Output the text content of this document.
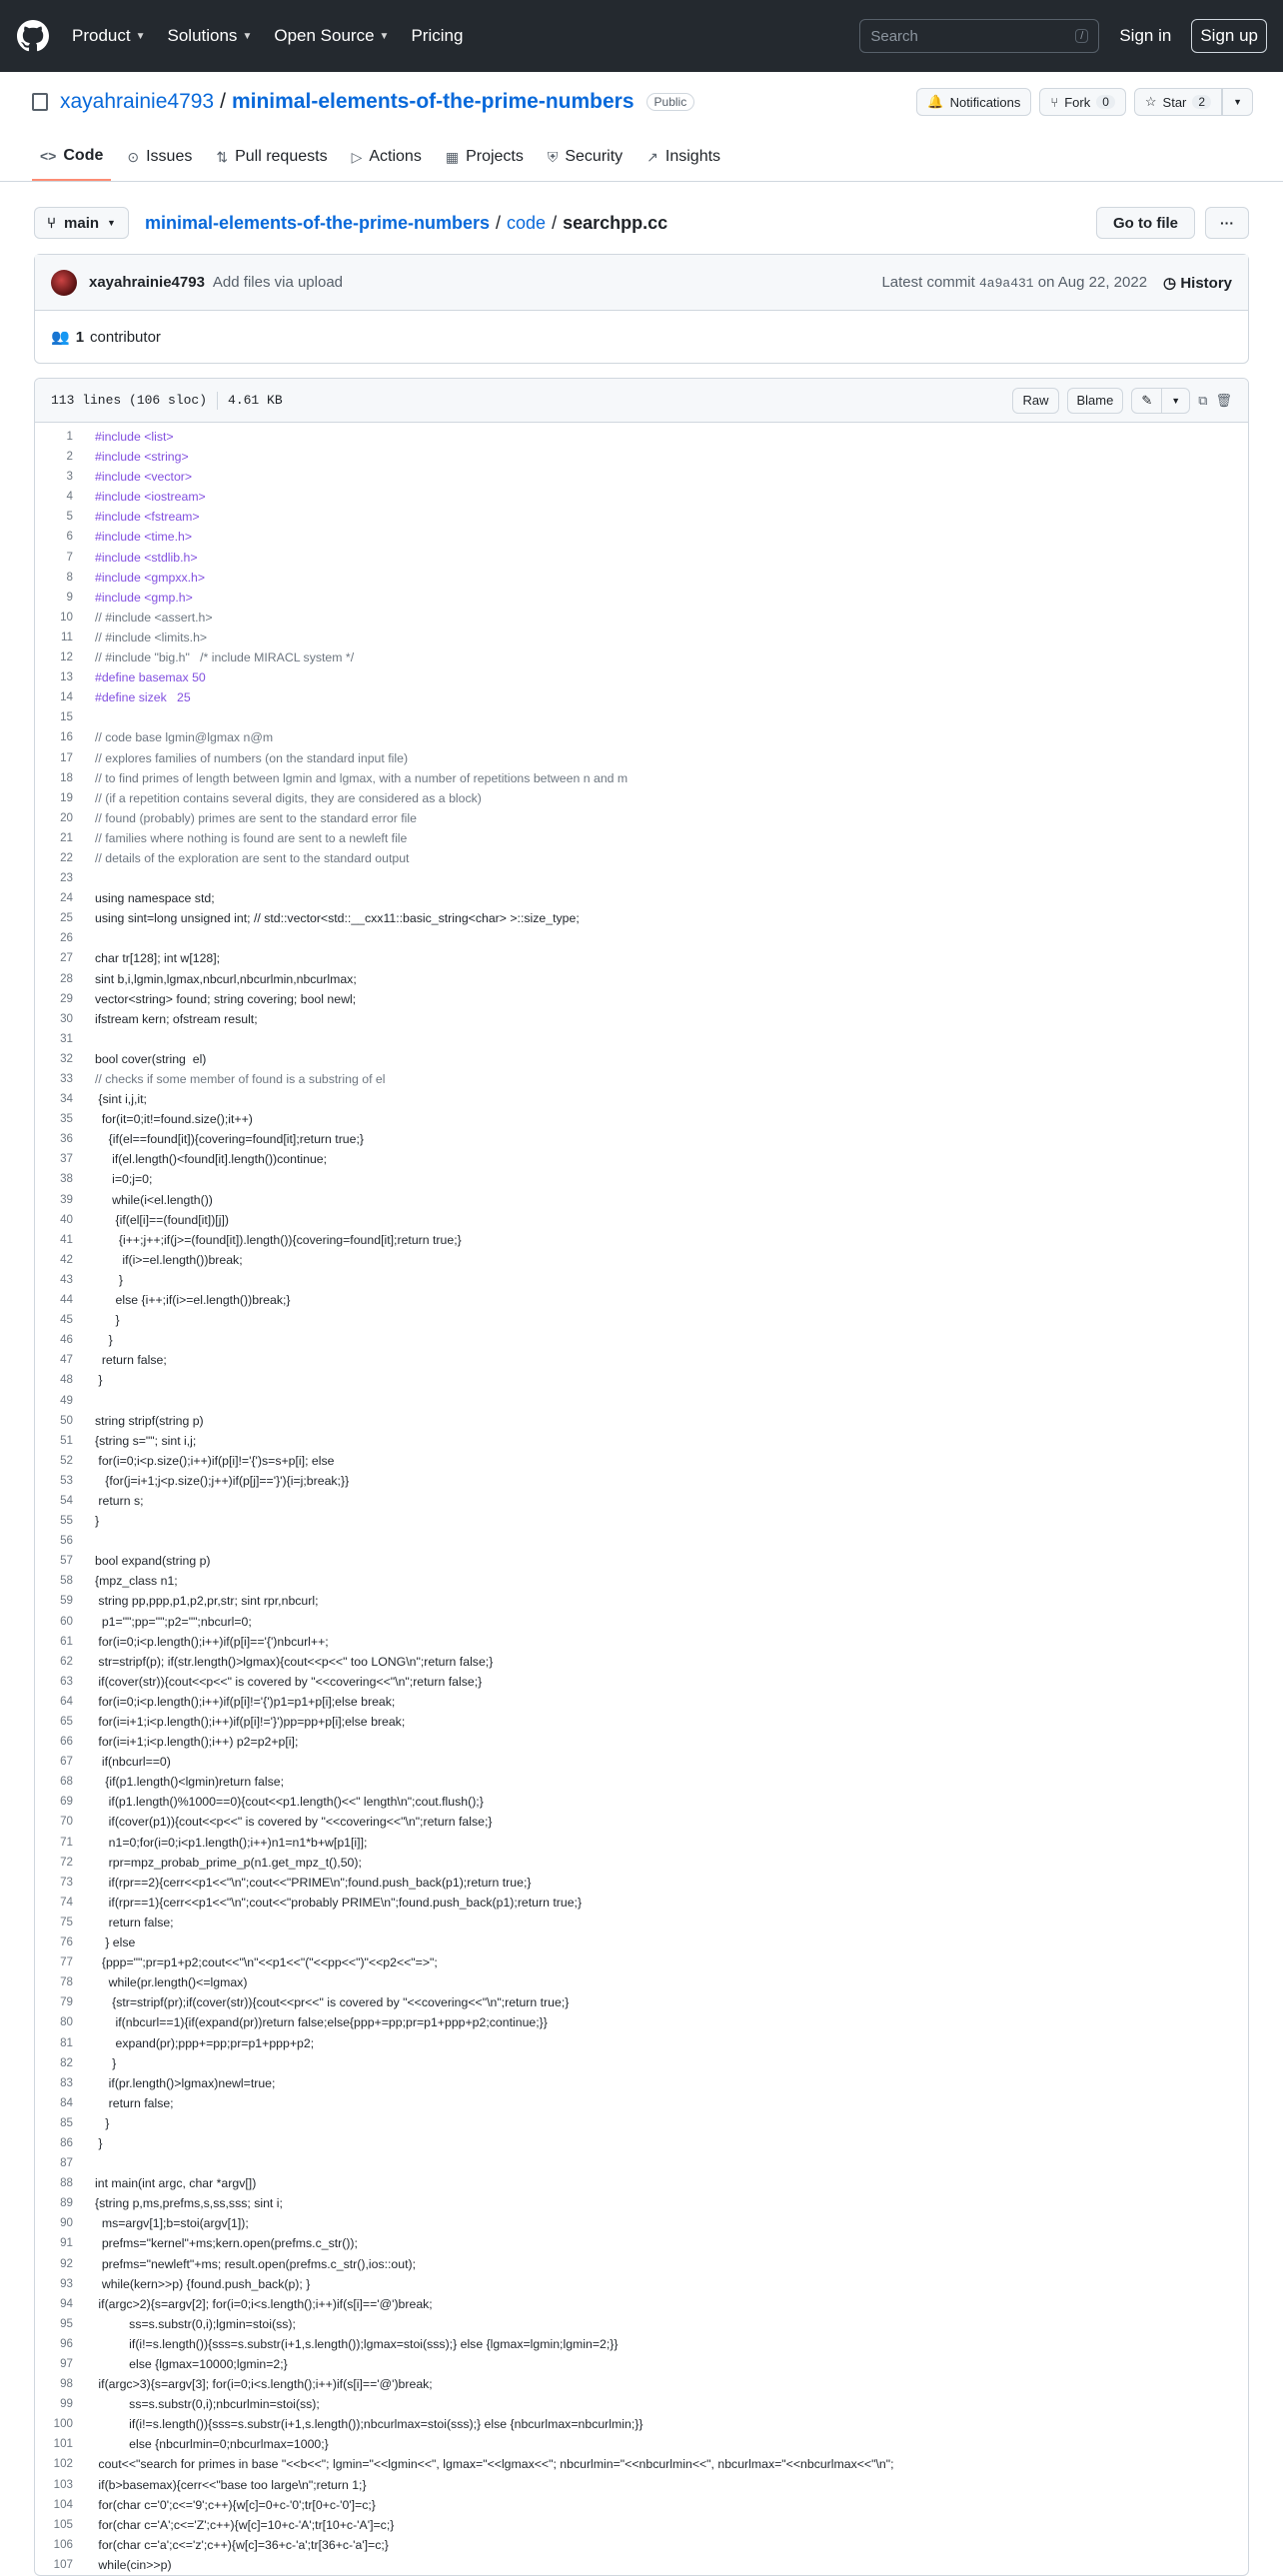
Product ▼ Solutions ▼ Open Source ▼ Pricing	Search	/	Sign in	Sign up
xayahrainie4793 / minimal-elements-of-the-prime-numbers	Public
<> Code ⊙ Issues ⇅ Pull requests ▷ Actions ▦ Projects ⛨ Security ↗ Insights
🔔 Notifications ⑂ Fork	0	☆ Star	2	▼
⑂ main ▼ minimal-elements-of-the-prime-numbers / code / searchpp.cc	Go to file	···
xayahrainie4793 Add files via upload	Latest commit 4a9a431 on Aug 22, 2022 ◷ History
👥 1 contributor
113 lines (106 sloc) 4.61 KB	Raw	Blame	✎	▼	⧉ 🗑
1	#include <list>
2	#include <string>
3	#include <vector>
4	#include <iostream>
5	#include <fstream>
6	#include <time.h>
7	#include <stdlib.h>
8	#include <gmpxx.h>
9	#include <gmp.h>
10	// #include <assert.h>
11	// #include <limits.h>
12	// #include "big.h"   /* include MIRACL system */
13	#define basemax 50
14	#define sizek   25
15
16	// code base lgmin@lgmax n@m
17	// explores families of numbers (on the standard input file)
18	// to find primes of length between lgmin and lgmax, with a number of repetitions between n and m
19	// (if a repetition contains several digits, they are considered as a block)
20	// found (probably) primes are sent to the standard error file
21	// families where nothing is found are sent to a newleft file
22	// details of the exploration are sent to the standard output
23
24	using namespace std;
25	using sint=long unsigned int; // std::vector<std::__cxx11::basic_string<char> >::size_type;
26
27	char tr[128]; int w[128];
28	sint b,i,lgmin,lgmax,nbcurl,nbcurlmin,nbcurlmax;
29	vector<string> found; string covering; bool newl;
30	ifstream kern; ofstream result;
31
32	bool cover(string  el)
33	// checks if some member of found is a substring of el
34	{sint i,j,it;
35	for(it=0;it!=found.size();it++)
36	{if(el==found[it]){covering=found[it];return true;}
37	if(el.length()<found[it].length())continue;
38	i=0;j=0;
39	while(i<el.length())
40	{if(el[i]==(found[it])[j])
41	{i++;j++;if(j>=(found[it]).length()){covering=found[it];return true;}
42	if(i>=el.length())break;
43	}
44	else {i++;if(i>=el.length())break;}
45	}
46	}
47	return false;
48	}
49
50	string stripf(string p)
51	{string s=""; sint i,j;
52	for(i=0;i<p.size();i++)if(p[i]!='{')s=s+p[i]; else
53	{for(j=i+1;j<p.size();j++)if(p[j]=='}'){i=j;break;}}
54	return s;
55	}
56
57	bool expand(string p)
58	{mpz_class n1;
59	string pp,ppp,p1,p2,pr,str; sint rpr,nbcurl;
60	p1="";pp="";p2="";nbcurl=0;
61	for(i=0;i<p.length();i++)if(p[i]=='{')nbcurl++;
62	str=stripf(p); if(str.length()>lgmax){cout<<p<<" too LONG\n";return false;}
63	if(cover(str)){cout<<p<<" is covered by "<<covering<<"\n";return false;}
64	for(i=0;i<p.length();i++)if(p[i]!='{')p1=p1+p[i];else break;
65	for(i=i+1;i<p.length();i++)if(p[i]!='}')pp=pp+p[i];else break;
66	for(i=i+1;i<p.length();i++) p2=p2+p[i];
67	if(nbcurl==0)
68	{if(p1.length()<lgmin)return false;
69	if(p1.length()%1000==0){cout<<p1.length()<<" length\n";cout.flush();}
70	if(cover(p1)){cout<<p<<" is covered by "<<covering<<"\n";return false;}
71	n1=0;for(i=0;i<p1.length();i++)n1=n1*b+w[p1[i]];
72	rpr=mpz_probab_prime_p(n1.get_mpz_t(),50);
73	if(rpr==2){cerr<<p1<<"\n";cout<<"PRIME\n";found.push_back(p1);return true;}
74	if(rpr==1){cerr<<p1<<"\n";cout<<"probably PRIME\n";found.push_back(p1);return true;}
75	return false;
76	} else
77	{ppp="";pr=p1+p2;cout<<"\n"<<p1<<"("<<pp<<")"<<p2<<"=>";
78	while(pr.length()<=lgmax)
79	{str=stripf(pr);if(cover(str)){cout<<pr<<" is covered by "<<covering<<"\n";return true;}
80	if(nbcurl==1){if(expand(pr))return false;else{ppp+=pp;pr=p1+ppp+p2;continue;}}
81	expand(pr);ppp+=pp;pr=p1+ppp+p2;
82	}
83	if(pr.length()>lgmax)newl=true;
84	return false;
85	}
86	}
87
88	int main(int argc, char *argv[])
89	{string p,ms,prefms,s,ss,sss; sint i;
90	ms=argv[1];b=stoi(argv[1]);
91	prefms="kernel"+ms;kern.open(prefms.c_str());
92	prefms="newleft"+ms; result.open(prefms.c_str(),ios::out);
93	while(kern>>p) {found.push_back(p); }
94	if(argc>2){s=argv[2]; for(i=0;i<s.length();i++)if(s[i]=='@')break;
95	ss=s.substr(0,i);lgmin=stoi(ss);
96	if(i!=s.length()){sss=s.substr(i+1,s.length());lgmax=stoi(sss);} else {lgmax=lgmin;lgmin=2;}}
97	else {lgmax=10000;lgmin=2;}
98	if(argc>3){s=argv[3]; for(i=0;i<s.length();i++)if(s[i]=='@')break;
99	ss=s.substr(0,i);nbcurlmin=stoi(ss);
100	if(i!=s.length()){sss=s.substr(i+1,s.length());nbcurlmax=stoi(sss);} else {nbcurlmax=nbcurlmin;}}
101	else {nbcurlmin=0;nbcurlmax=1000;}
102	cout<<"search for primes in base "<<b<<"; lgmin="<<lgmin<<", lgmax="<<lgmax<<"; nbcurlmin="<<nbcurlmin<<", nbcurlmax="<<nbcurlmax<<"\n";
103	if(b>basemax){cerr<<"base too large\n";return 1;}
104	for(char c='0';c<='9';c++){w[c]=0+c-'0';tr[0+c-'0']=c;}
105	for(char c='A';c<='Z';c++){w[c]=10+c-'A';tr[10+c-'A']=c;}
106	for(char c='a';c<='z';c++){w[c]=36+c-'a';tr[36+c-'a']=c;}
107	while(cin>>p)
